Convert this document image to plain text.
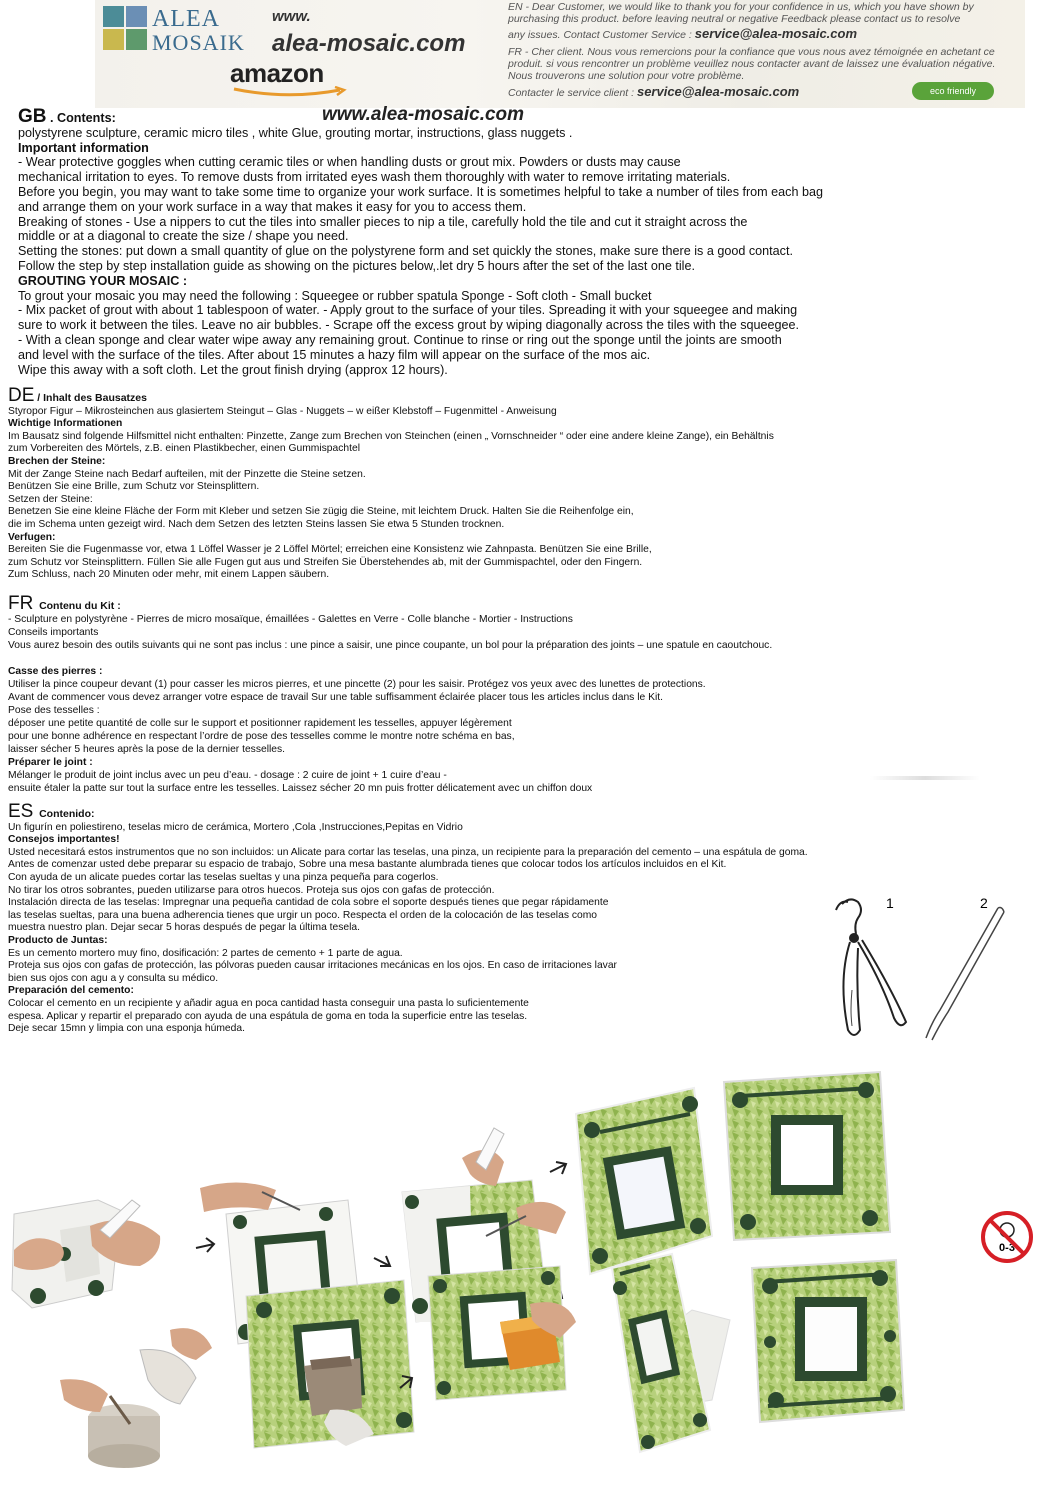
ALEA
MOSAIK
www.
alea-mosaic.com
amazon
EN - Dear Customer, we would like to thank you for your confidence in us, which you have shown by
purchasing this product. before leaving neutral or negative Feedback please contact us to resolve
any issues. Contact Customer Service : service@alea-mosaic.com
FR - Cher client. Nous vous remercions pour la confiance que vous nous avez témoignée en achetant ce
produit. si vous rencontrer un problème veuillez nous contacter avant de laissez une évaluation négative.
Nous trouverons une solution pour votre problème.
Contacter le service client : service@alea-mosaic.com	eco friendly
www.alea-mosaic.com
GB . Contents:
polystyrene sculpture, ceramic micro tiles , white Glue, grouting mortar, instructions, glass nuggets .
Important information
- Wear protective goggles when cutting ceramic tiles or when handling dusts or grout mix. Powders or dusts may cause
mechanical irritation to eyes. To remove dusts from irritated eyes wash them thoroughly with water to remove irritating materials.
Before you begin, you may want to take some time to organize your work surface. It is sometimes helpful to take a number of tiles from each bag
and arrange them on your work surface in a way that makes it easy for you to access them.
Breaking of stones - Use a nippers to cut the tiles into smaller pieces to nip a tile, carefully hold the tile and cut it straight across the
middle or at a diagonal to create the size / shape you need.
Setting the stones: put down a small quantity of glue on the polystyrene form and set quickly the stones, make sure there is a good contact.
Follow the step by step installation guide as showing on the pictures below,.let dry 5 hours after the set of the last one tile.
GROUTING YOUR MOSAIC :
To grout your mosaic you may need the following : Squeegee or rubber spatula Sponge - Soft cloth - Small bucket
- Mix packet of grout with about 1 tablespoon of water. - Apply grout to the surface of your tiles. Spreading it with your squeegee and making
sure to work it between the tiles. Leave no air bubbles. - Scrape off the excess grout by wiping diagonally across the tiles with the squeegee.
- With a clean sponge and clear water wipe away any remaining grout. Continue to rinse or ring out the sponge until the joints are smooth
and level with the surface of the tiles. After about 15 minutes a hazy film will appear on the surface of the mos aic.
Wipe this away with a soft cloth. Let the grout finish drying (approx 12 hours).
DE / Inhalt des Bausatzes
Styropor Figur – Mikrosteinchen aus glasiertem Steingut – Glas - Nuggets – w eißer Klebstoff – Fugenmittel - Anweisung
Wichtige Informationen
Im Bausatz sind folgende Hilfsmittel nicht enthalten: Pinzette, Zange zum Brechen von Steinchen (einen „ Vornschneider “ oder eine andere kleine Zange), ein Behältnis
zum Vorbereiten des Mörtels, z.B. einen Plastikbecher, einen Gummispachtel
Brechen der Steine:
Mit der Zange Steine nach Bedarf aufteilen, mit der Pinzette die Steine setzen.
Benützen Sie eine Brille, zum Schutz vor Steinsplittern.
Setzen der Steine:
Benetzen Sie eine kleine Fläche der Form mit Kleber und setzen Sie zügig die Steine, mit leichtem Druck. Halten Sie die Reihenfolge ein,
die im Schema unten gezeigt wird. Nach dem Setzen des letzten Steins lassen Sie etwa 5 Stunden trocknen.
Verfugen:
Bereiten Sie die Fugenmasse vor, etwa 1 Löffel Wasser je 2 Löffel Mörtel; erreichen eine Konsistenz wie Zahnpasta. Benützen Sie eine Brille,
zum Schutz vor Steinsplittern. Füllen Sie alle Fugen gut aus und Streifen Sie Überstehendes ab, mit der Gummispachtel, oder den Fingern.
Zum Schluss, nach 20 Minuten oder mehr, mit einem Lappen säubern.
FR Contenu du Kit :
- Sculpture en polystyrène - Pierres de micro mosaïque, émaillées - Galettes en Verre - Colle blanche - Mortier - Instructions
Conseils importants
Vous aurez besoin des outils suivants qui ne sont pas inclus : une pince a saisir, une pince coupante, un bol pour la préparation des joints – une spatule en caoutchouc.

Casse des pierres :
Utiliser la pince coupeur devant (1) pour casser les micros pierres, et une pincette (2) pour les saisir. Protégez vos yeux avec des lunettes de protections.
Avant de commencer vous devez arranger votre espace de travail Sur une table suffisamment éclairée placer tous les articles inclus dans le Kit.
Pose des tesselles :
déposer une petite quantité de colle sur le support et positionner rapidement les tesselles, appuyer légèrement
pour une bonne adhérence en respectant l’ordre de pose des tesselles comme le montre notre schéma en bas,
laisser sécher 5 heures après la pose de la dernier tesselles.
Préparer le joint :
Mélanger le produit de joint inclus avec un peu d’eau. - dosage : 2 cuire de joint + 1 cuire d’eau -
ensuite étaler la patte sur tout la surface entre les tesselles. Laissez sécher 20 mn puis frotter délicatement avec un chiffon doux
ES Contenido:
Un figurín en poliestireno, teselas micro de cerámica, Mortero ,Cola ,Instrucciones,Pepitas en Vidrio
Consejos importantes!
Usted necesitará estos instrumentos que no son incluidos: un Alicate para cortar las teselas, una pinza, un recipiente para la preparación del cemento – una espátula de goma.
Antes de comenzar usted debe preparar su espacio de trabajo, Sobre una mesa bastante alumbrada tienes que colocar todos los artículos incluidos en el Kit.
Con ayuda de un alicate puedes cortar las teselas sueltas y una pinza pequeña para cogerlos.
No tirar los otros sobrantes, pueden utilizarse para otros huecos. Proteja sus ojos con gafas de protección.
Instalación directa de las teselas: Impregnar una pequeña cantidad de cola sobre el soporte después tienes que pegar rápidamente
las teselas sueltas, para una buena adherencia tienes que urgir un poco. Respecta el orden de la colocación de las teselas como
muestra nuestro plan. Dejar secar 5 horas después de pegar la última tesela.
Producto de Juntas:
Es un cemento mortero muy fino, dosificación: 2 partes de cemento + 1 parte de agua.
Proteja sus ojos con gafas de protección, las pólvoras pueden causar irritaciones mecánicas en los ojos. En caso de irritaciones lavar
bien sus ojos con agu a y consulta su médico.
Preparación del cemento:
Colocar el cemento en un recipiente y añadir agua en poca cantidad hasta conseguir una pasta lo suficientemente
espesa. Aplicar y repartir el preparado con ayuda de una espátula de goma en toda la superficie entre las teselas.
Deje secar 15mn y limpia con una esponja húmeda.
1	2
0-3
